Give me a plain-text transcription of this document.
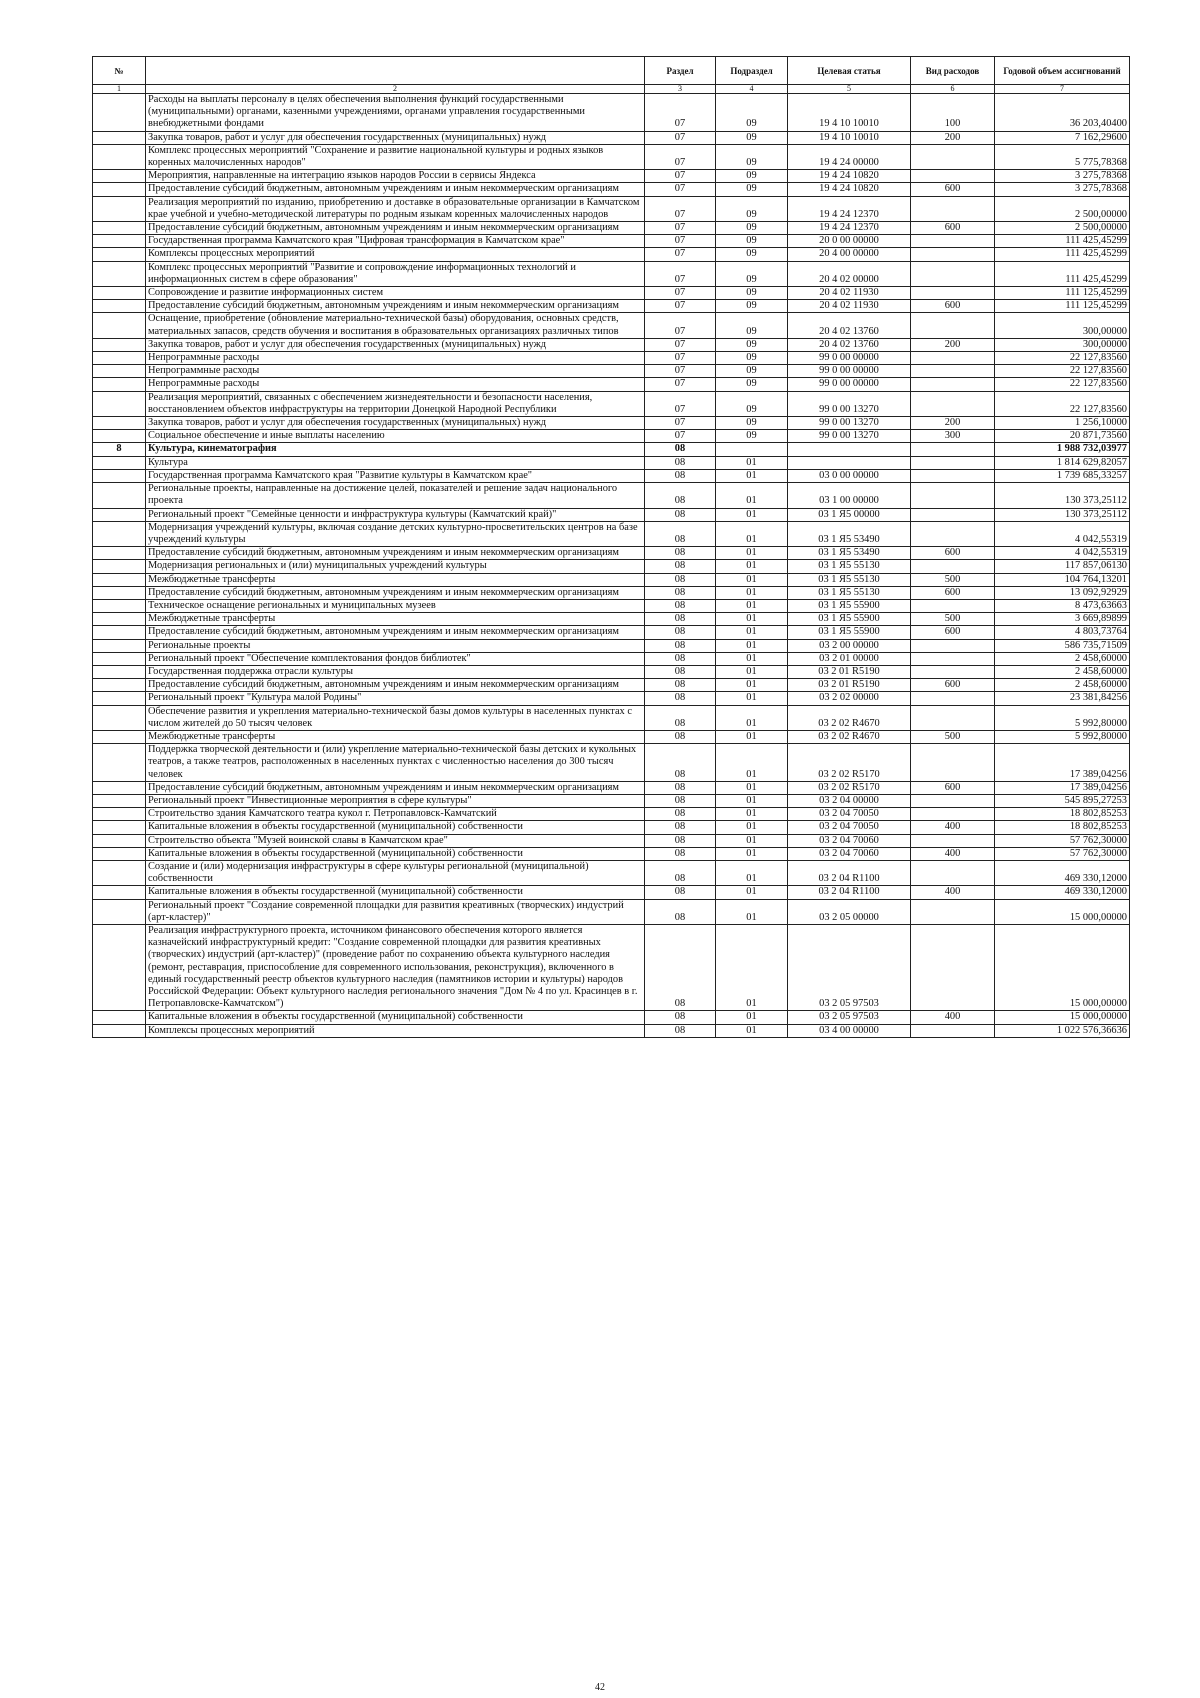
№		Раздел	Подраздел	Целевая статья	Вид расходов	Годовой объем ассигнований
1	2	3	4	5	6	7
	Расходы на выплаты персоналу в целях обеспечения выполнения функций государственными (муниципальными) органами, казенными учреждениями, органами управления государственными внебюджетными фондами	07	09	19 4 10 10010	100	36 203,40400
	Закупка товаров, работ и услуг для обеспечения государственных (муниципальных) нужд	07	09	19 4 10 10010	200	7 162,29600
	Комплекс процессных мероприятий "Сохранение и развитие национальной культуры и родных языков коренных малочисленных народов"	07	09	19 4 24 00000		5 775,78368
	Мероприятия, направленные на интеграцию языков народов России в сервисы Яндекса	07	09	19 4 24 10820		3 275,78368
	Предоставление субсидий бюджетным, автономным учреждениям и иным некоммерческим организациям	07	09	19 4 24 10820	600	3 275,78368
	Реализация мероприятий по изданию, приобретению и доставке в образовательные организации в Камчатском крае учебной и учебно-методической литературы по родным языкам коренных малочисленных народов	07	09	19 4 24 12370		2 500,00000
	Предоставление субсидий бюджетным, автономным учреждениям и иным некоммерческим организациям	07	09	19 4 24 12370	600	2 500,00000
	Государственная программа Камчатского края "Цифровая трансформация в Камчатском крае"	07	09	20 0 00 00000		111 425,45299
	Комплексы процессных мероприятий	07	09	20 4 00 00000		111 425,45299
	Комплекс процессных мероприятий "Развитие и сопровождение информационных технологий и информационных систем в сфере образования"	07	09	20 4 02 00000		111 425,45299
	Сопровождение и развитие информационных систем	07	09	20 4 02 11930		111 125,45299
	Предоставление субсидий бюджетным, автономным учреждениям и иным некоммерческим организациям	07	09	20 4 02 11930	600	111 125,45299
	Оснащение, приобретение (обновление материально-технической базы) оборудования, основных средств, материальных запасов, средств обучения и воспитания в образовательных организациях различных типов	07	09	20 4 02 13760		300,00000
	Закупка товаров, работ и услуг для обеспечения государственных (муниципальных) нужд	07	09	20 4 02 13760	200	300,00000
	Непрограммные расходы	07	09	99 0 00 00000		22 127,83560
	Непрограммные расходы	07	09	99 0 00 00000		22 127,83560
	Непрограммные расходы	07	09	99 0 00 00000		22 127,83560
	Реализация мероприятий, связанных с обеспечением жизнедеятельности и безопасности населения, восстановлением объектов инфраструктуры на территории Донецкой Народной Республики	07	09	99 0 00 13270		22 127,83560
	Закупка товаров, работ и услуг для обеспечения государственных (муниципальных) нужд	07	09	99 0 00 13270	200	1 256,10000
	Социальное обеспечение и иные выплаты населению	07	09	99 0 00 13270	300	20 871,73560
8	Культура, кинематография	08				1 988 732,03977
	Культура	08	01			1 814 629,82057
	Государственная программа Камчатского края "Развитие культуры в Камчатском крае"	08	01	03 0 00 00000		1 739 685,33257
	Региональные проекты, направленные на достижение целей, показателей и решение задач национального проекта	08	01	03 1 00 00000		130 373,25112
	Региональный проект "Семейные ценности и инфраструктура культуры (Камчатский край)"	08	01	03 1 Я5 00000		130 373,25112
	Модернизация учреждений культуры, включая создание детских культурно-просветительских центров на базе учреждений культуры	08	01	03 1 Я5 53490		4 042,55319
	Предоставление субсидий бюджетным, автономным учреждениям и иным некоммерческим организациям	08	01	03 1 Я5 53490	600	4 042,55319
	Модернизация региональных и (или) муниципальных учреждений культуры	08	01	03 1 Я5 55130		117 857,06130
	Межбюджетные трансферты	08	01	03 1 Я5 55130	500	104 764,13201
	Предоставление субсидий бюджетным, автономным учреждениям и иным некоммерческим организациям	08	01	03 1 Я5 55130	600	13 092,92929
	Техническое оснащение региональных и муниципальных музеев	08	01	03 1 Я5 55900		8 473,63663
	Межбюджетные трансферты	08	01	03 1 Я5 55900	500	3 669,89899
	Предоставление субсидий бюджетным, автономным учреждениям и иным некоммерческим организациям	08	01	03 1 Я5 55900	600	4 803,73764
	Региональные проекты	08	01	03 2 00 00000		586 735,71509
	Региональный проект "Обеспечение комплектования фондов библиотек"	08	01	03 2 01 00000		2 458,60000
	Государственная поддержка отрасли культуры	08	01	03 2 01 R5190		2 458,60000
	Предоставление субсидий бюджетным, автономным учреждениям и иным некоммерческим организациям	08	01	03 2 01 R5190	600	2 458,60000
	Региональный проект "Культура малой Родины"	08	01	03 2 02 00000		23 381,84256
	Обеспечение развития и укрепления материально-технической базы домов культуры в населенных пунктах с числом жителей до 50 тысяч человек	08	01	03 2 02 R4670		5 992,80000
	Межбюджетные трансферты	08	01	03 2 02 R4670	500	5 992,80000
	Поддержка творческой деятельности и (или) укрепление материально-технической базы детских и кукольных театров, а также театров, расположенных в населенных пунктах с численностью населения до 300 тысяч человек	08	01	03 2 02 R5170		17 389,04256
	Предоставление субсидий бюджетным, автономным учреждениям и иным некоммерческим организациям	08	01	03 2 02 R5170	600	17 389,04256
	Региональный проект "Инвестиционные мероприятия в сфере культуры"	08	01	03 2 04 00000		545 895,27253
	Строительство здания Камчатского театра кукол г. Петропавловск-Камчатский	08	01	03 2 04 70050		18 802,85253
	Капитальные вложения в объекты государственной (муниципальной) собственности	08	01	03 2 04 70050	400	18 802,85253
	Строительство объекта "Музей воинской славы в Камчатском крае"	08	01	03 2 04 70060		57 762,30000
	Капитальные вложения в объекты государственной (муниципальной) собственности	08	01	03 2 04 70060	400	57 762,30000
	Создание и (или) модернизация инфраструктуры в сфере культуры региональной (муниципальной) собственности	08	01	03 2 04 R1100		469 330,12000
	Капитальные вложения в объекты государственной (муниципальной) собственности	08	01	03 2 04 R1100	400	469 330,12000
	Региональный проект "Создание современной площадки для развития креативных (творческих) индустрий (арт-кластер)"	08	01	03 2 05 00000		15 000,00000
	Реализация инфраструктурного проекта, источником финансового обеспечения которого является казначейский инфраструктурный кредит: "Создание современной площадки для развития креативных (творческих) индустрий (арт-кластер)" (проведение работ по сохранению объекта культурного наследия (ремонт, реставрация, приспособление для современного использования, реконструкция), включенного в единый государственный реестр объектов культурного наследия (памятников истории и культуры) народов Российской Федерации: Объект культурного наследия регионального значения "Дом № 4 по ул. Красинцев в г. Петропавловске-Камчатском")	08	01	03 2 05 97503		15 000,00000
	Капитальные вложения в объекты государственной (муниципальной) собственности	08	01	03 2 05 97503	400	15 000,00000
	Комплексы процессных мероприятий	08	01	03 4 00 00000		1 022 576,36636
42
